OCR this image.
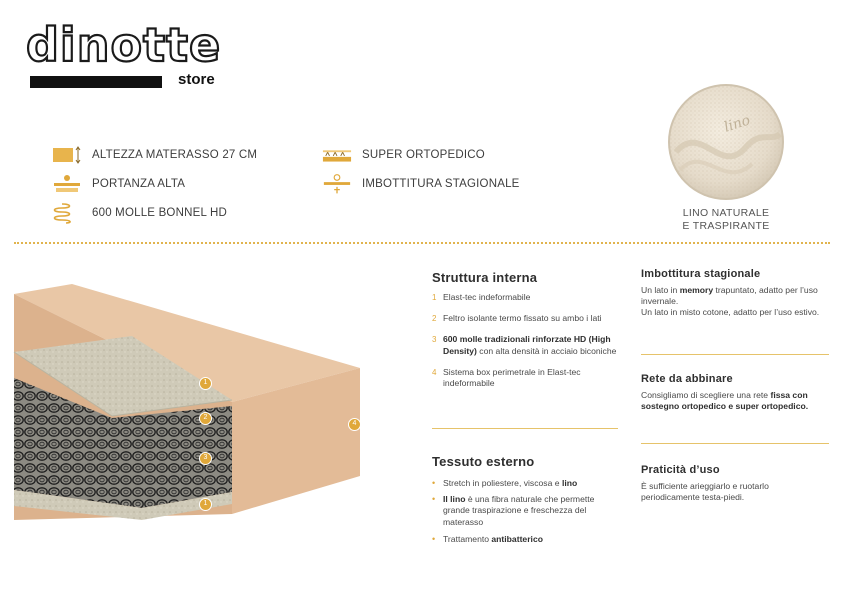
dinotte
store
ALTEZZA MATERASSO 27 CM
PORTANZA ALTA
600 MOLLE BONNEL HD
SUPER ORTOPEDICO
IMBOTTITURA STAGIONALE
lino
LINO NATURALE
E TRASPIRANTE
1
2
3
1
4
Struttura interna
1 Elast-tec indeformabile
2 Feltro isolante termo fissato su ambo i lati
3 600 molle tradizionali rinforzate HD (High Density) con alta densità in acciaio biconiche
4 Sistema box perimetrale in Elast-tec indeformabile
Tessuto esterno
• Stretch in poliestere, viscosa e lino
• Il lino è una fibra naturale che permette grande traspirazione e freschezza del materasso
• Trattamento antibatterico
Imbottitura stagionale
Un lato in memory trapuntato, adatto per l’uso invernale.
Un lato in misto cotone, adatto per l’uso estivo.
Rete da abbinare
Consigliamo di scegliere una rete fissa con sostegno ortopedico e super ortopedico.
Praticità d’uso
È sufficiente arieggiarlo e ruotarlo periodicamente testa-piedi.
